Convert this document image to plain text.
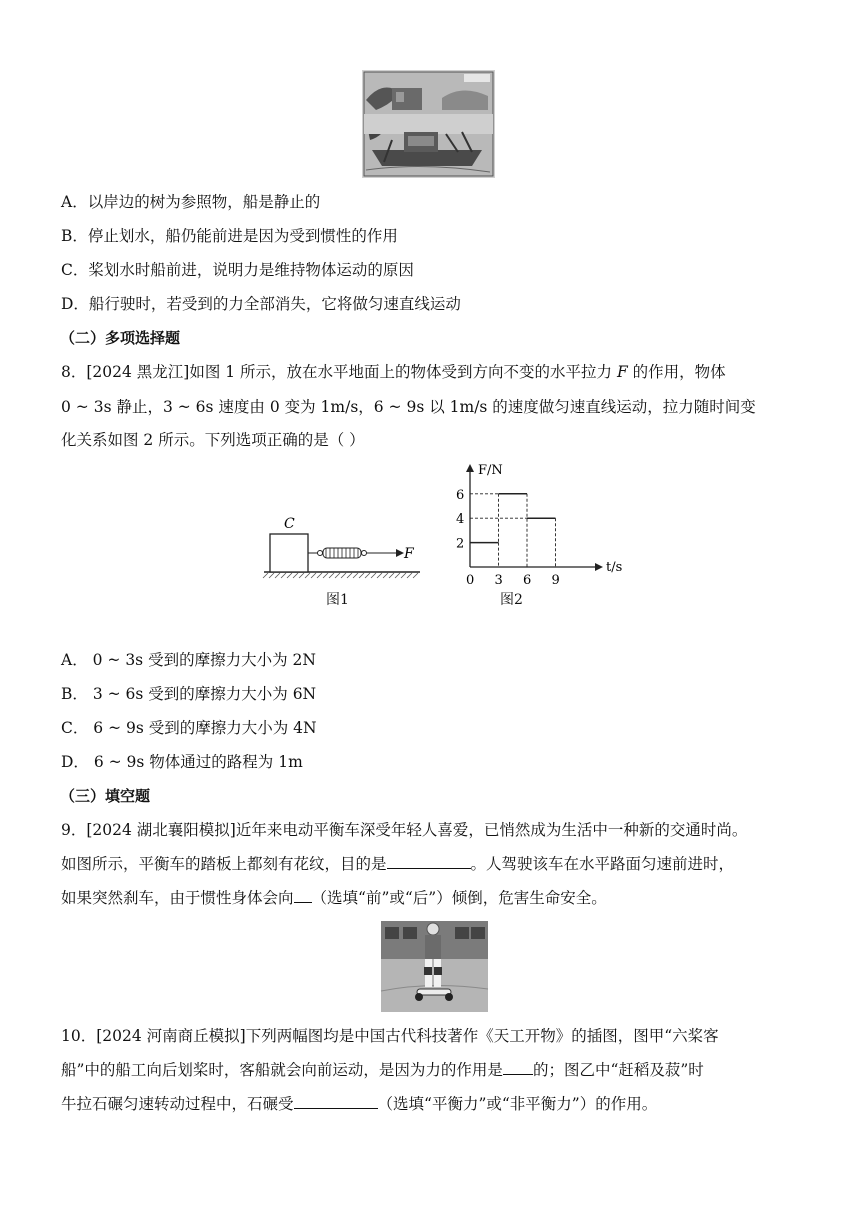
A．以岸边的树为参照物，船是静止的
B．停止划水，船仍能前进是因为受到惯性的作用
C．桨划水时船前进，说明力是维持物体运动的原因
D．船行驶时，若受到的力全部消失，它将做匀速直线运动
（二）多项选择题
8．[2024 黑龙江]如图 1 所示，放在水平地面上的物体受到方向不变的水平拉力 F 的作用，物体
0 ~ 3s 静止，3 ~ 6s 速度由 0 变为 1m/s，6 ~ 9s 以 1m/s 的速度做匀速直线运动，拉力随时间变
化关系如图 2 所示。下列选项正确的是（ ）
C
F
图1
F/N
t/s
6
4
2
0 3 6 9
图2
A． 0 ~ 3s 受到的摩擦力大小为 2N
B． 3 ~ 6s 受到的摩擦力大小为 6N
C． 6 ~ 9s 受到的摩擦力大小为 4N
D． 6 ~ 9s 物体通过的路程为 1m
（三）填空题
9．[2024 湖北襄阳模拟]近年来电动平衡车深受年轻人喜爱，已悄然成为生活中一种新的交通时尚。
如图所示，平衡车的踏板上都刻有花纹，目的是	。人驾驶该车在水平路面匀速前进时，
如果突然刹车，由于惯性身体会向 （选填“前”或“后”）倾倒，危害生命安全。
10．[2024 河南商丘模拟]下列两幅图均是中国古代科技著作《天工开物》的插图，图甲“六桨客
船”中的船工向后划桨时，客船就会向前运动，是因为力的作用是 的；图乙中“赶稻及菽”时
牛拉石碾匀速转动过程中，石碾受	（选填“平衡力”或“非平衡力”）的作用。
